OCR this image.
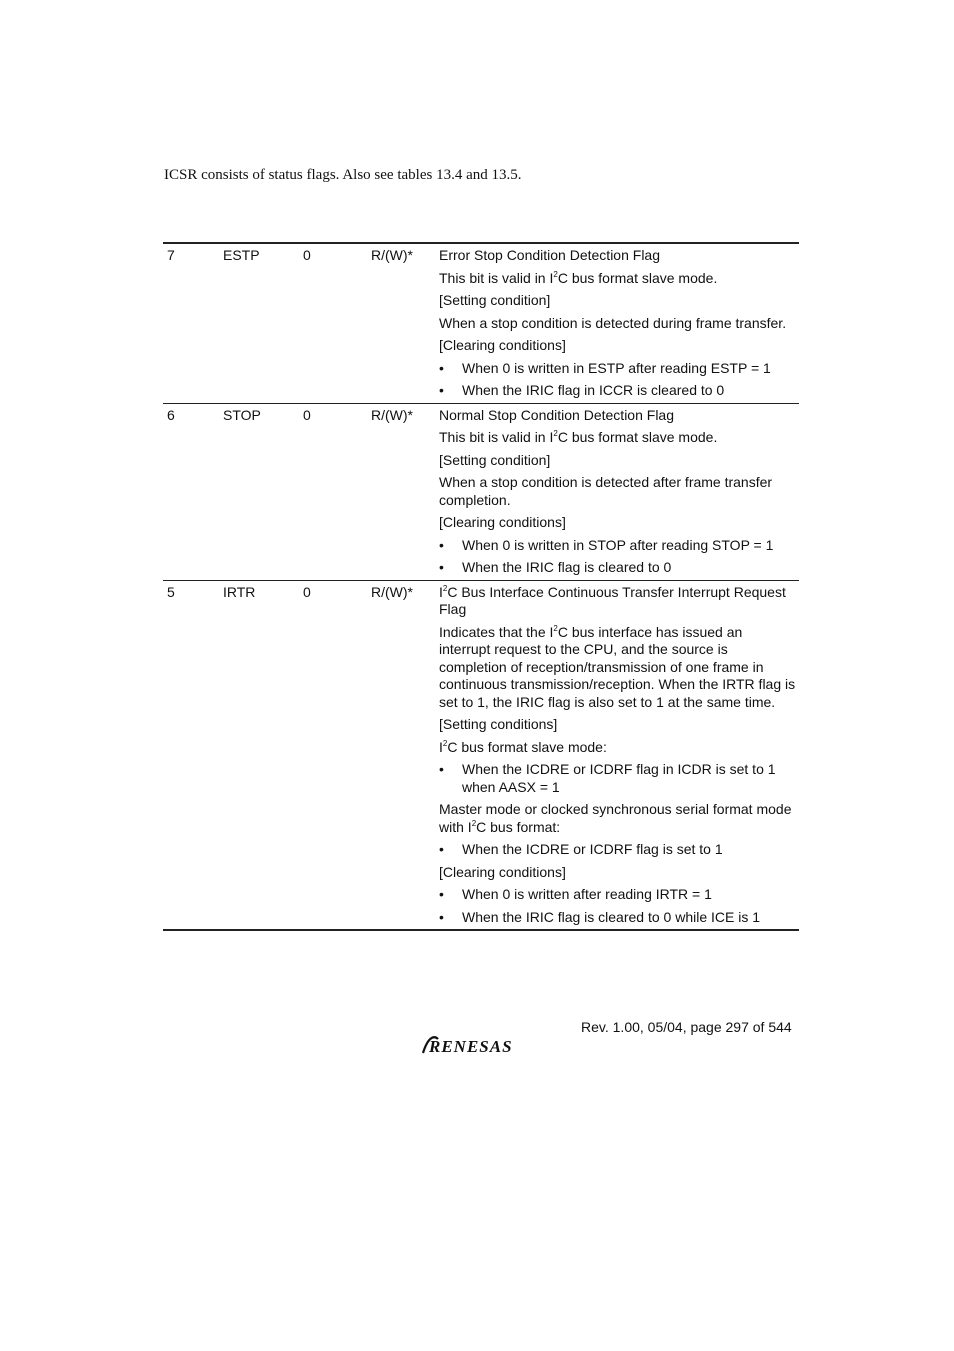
ICSR consists of status flags. Also see tables 13.4 and 13.5.
7	ESTP	0	R/(W)* Error Stop Condition Detection Flag
This bit is valid in $I^2C$ bus format slave mode.
[Setting condition]
When a stop condition is detected during frame transfer.
[Clearing conditions]
• When 0 is written in ESTP after reading ESTP = 1
• When the IRIC flag in ICCR is cleared to 0
6	STOP	0	R/(W)* Normal Stop Condition Detection Flag
This bit is valid in $I^2C$ bus format slave mode.
[Setting condition]
When a stop condition is detected after frame transfer completion.
[Clearing conditions]
• When 0 is written in STOP after reading STOP = 1
• When the IRIC flag is cleared to 0
5	IRTR	0	R/(W)* $I^2C$ Bus Interface Continuous Transfer Interrupt Request Flag
Indicates that the $I^2C$ bus interface has issued an interrupt request to the CPU, and the source is completion of reception/transmission of one frame in continuous transmission/reception. When the IRTR flag is set to 1, the IRIC flag is also set to 1 at the same time.
[Setting conditions]
$I^2C$ bus format slave mode:
• When the ICDRE or ICDRF flag in ICDR is set to 1 when AASX = 1
Master mode or clocked synchronous serial format mode with $I^2C$ bus format:
• When the ICDRE or ICDRF flag is set to 1
[Clearing conditions]
• When 0 is written after reading IRTR = 1
• When the IRIC flag is cleared to 0 while ICE is 1
Rev. 1.00, 05/04, page 297 of 544
RENESAS
